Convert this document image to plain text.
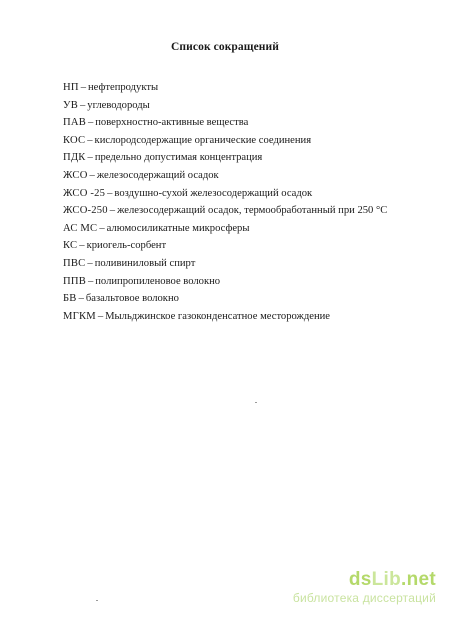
Список сокращений
НП – нефтепродукты
УВ – углеводороды
ПАВ – поверхностно-активные вещества
КОС – кислородсодержащие органические соединения
ПДК – предельно допустимая концентрация
ЖСО – железосодержащий осадок
ЖСО -25 – воздушно-сухой железосодержащий осадок
ЖСО-250 – железосодержащий осадок, термообработанный при 250 °С
АС МС – алюмосиликатные микросферы
КС – криогель-сорбент
ПВС – поливиниловый спирт
ППВ – полипропиленовое волокно
БВ – базальтовое волокно
МГКМ – Мыльджинское газоконденсатное месторождение
dsLib.net
библиотека диссертаций
